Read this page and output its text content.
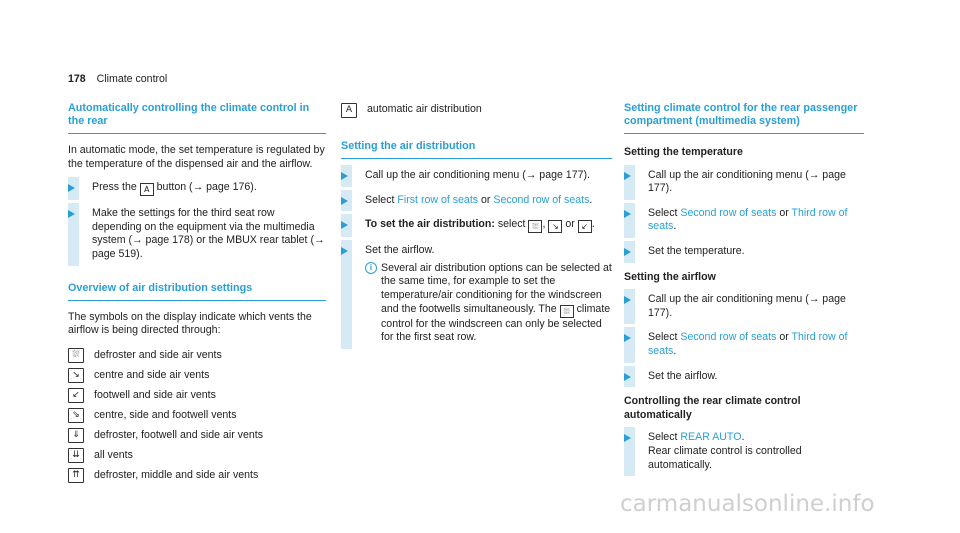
178 Climate control
Automatically controlling the climate control in the rear

In automatic mode, the set temperature is regulated by the temperature of the dispensed air and the airflow.

Press the A button (→ page 176).
Make the settings for the third seat row depending on the equipment via the multimedia system (→ page 178) or the MBUX rear tablet (→ page 519).
Overview of air distribution settings

The symbols on the display indicate which vents the airflow is being directed through:

⛆	defroster and side air vents
↘	centre and side air vents
↙	footwell and side air vents
⇘	centre, side and footwell vents
⇓	defroster, footwell and side air vents
⇊	all vents
⇈	defroster, middle and side air vents
A	automatic air distribution
Setting the air distribution
Call up the air conditioning menu (→ page 177).
Select First row of seats or Second row of seats.
To set the air distribution: select ⛆ , ↘ or ↙ .
Set the airflow.
i Several air distribution options can be selected at the same time, for example to set the temperature/air conditioning for the windscreen and the footwells simultaneously. The ⛆ climate control for the windscreen can only be selected for the first seat row.
Setting climate control for the rear passenger compartment (multimedia system)
Setting the temperature
Call up the air conditioning menu (→ page 177).
Select Second row of seats or Third row of seats.
Set the temperature.
Setting the airflow
Call up the air conditioning menu (→ page 177).
Select Second row of seats or Third row of seats.
Set the airflow.
Controlling the rear climate control automatically
Select REAR AUTO.
Rear climate control is controlled automatically.
carmanualsonline.info
